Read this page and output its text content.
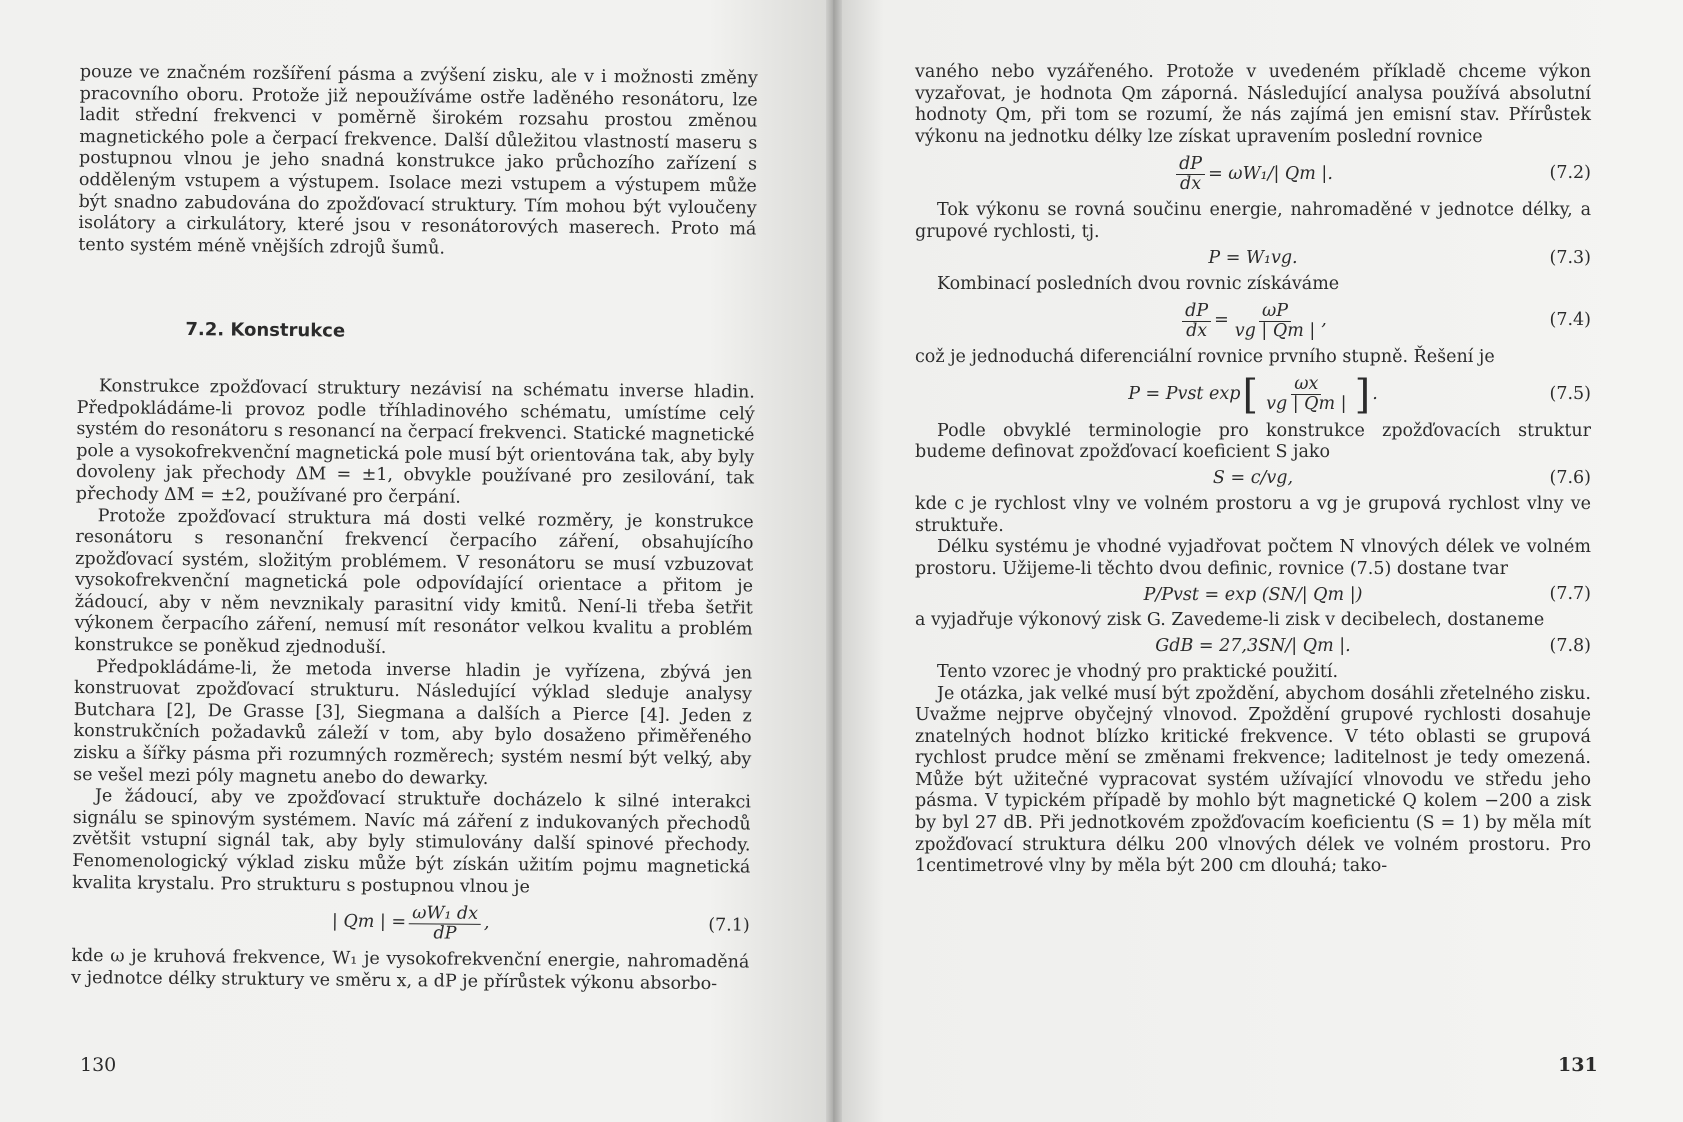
pouze ve značném rozšíření pásma a zvýšení zisku, ale v i možnosti změny pracovního oboru. Protože již nepoužíváme ostře laděného resonátoru, lze ladit střední frekvenci v poměrně širokém rozsahu prostou změnou magnetického pole a čerpací frekvence. Další důležitou vlastností maseru s postupnou vlnou je jeho snadná konstrukce jako průchozího zařízení s odděleným vstupem a výstupem. Isolace mezi vstupem a výstupem může být snadno zabudována do zpožďovací struktury. Tím mohou být vyloučeny isolátory a cirkulátory, které jsou v resonátorových maserech. Proto má tento systém méně vnějších zdrojů šumů.

7.2. Konstrukce

Konstrukce zpožďovací struktury nezávisí na schématu inverse hladin. Předpokládáme-li provoz podle tříhladinového schématu, umístíme celý systém do resonátoru s resonancí na čerpací frekvenci. Statické magnetické pole a vysokofrekvenční magnetická pole musí být orientována tak, aby byly dovoleny jak přechody ΔM = ±1, obvykle používané pro zesilování, tak přechody ΔM = ±2, používané pro čerpání.

Protože zpožďovací struktura má dosti velké rozměry, je konstrukce resonátoru s resonanční frekvencí čerpacího záření, obsahujícího zpožďovací systém, složitým problémem. V resonátoru se musí vzbuzovat vysokofrekvenční magnetická pole odpovídající orientace a přitom je žádoucí, aby v něm nevznikaly parasitní vidy kmitů. Není-li třeba šetřit výkonem čerpacího záření, nemusí mít resonátor velkou kvalitu a problém konstrukce se poněkud zjednoduší.

Předpokládáme-li, že metoda inverse hladin je vyřízena, zbývá jen konstruovat zpožďovací strukturu. Následující výklad sleduje analysy Butchara [2], De Grasse [3], Siegmana a dalších a Pierce [4]. Jeden z konstrukčních požadavků záleží v tom, aby bylo dosaženo přiměřeného zisku a šířky pásma při rozumných rozměrech; systém nesmí být velký, aby se vešel mezi póly magnetu anebo do dewarky.

Je žádoucí, aby ve zpožďovací struktuře docházelo k silné interakci signálu se spinovým systémem. Navíc má záření z indukovaných přechodů zvětšit vstupní signál tak, aby byly stimulovány další spinové přechody. Fenomenologický výklad zisku může být získán užitím pojmu magnetická kvalita krystalu. Pro strukturu s postupnou vlnou je

| Qm | = $\frac{\text{ωW₁ dx}}{dP}$ ,	(7.1)

kde ω je kruhová frekvence, W₁ je vysokofrekvenční energie, nahromaděná v jednotce délky struktury ve směru x, a dP je přírůstek výkonu absorbo-

130

vaného nebo vyzářeného. Protože v uvedeném příkladě chceme výkon vyzařovat, je hodnota Qm záporná. Následující analysa používá absolutní hodnoty Qm, při tom se rozumí, že nás zajímá jen emisní stav. Přírůstek výkonu na jednotku délky lze získat upravením poslední rovnice

$\frac{dP}{dx} = \omega W_1/|$ Qm |.	(7.2)

Tok výkonu se rovná součinu energie, nahromaděné v jednotce délky, a grupové rychlosti, tj.

P = W₁vg.	(7.3)

Kombinací posledních dvou rovnic získáváme

$\frac{dP}{dx} = \frac{\omega P}{vg | Qm |}$ ,	(7.4)

což je jednoduchá diferenciální rovnice prvního stupně. Řešení je

P = Pvst exp [ $\frac{\omega x}{vg | Qm |}$ ] .	(7.5)

Podle obvyklé terminologie pro konstrukce zpožďovacích struktur budeme definovat zpožďovací koeficient S jako

S = c/vg,	(7.6)

kde c je rychlost vlny ve volném prostoru a vg je grupová rychlost vlny ve struktuře.

Délku systému je vhodné vyjadřovat počtem N vlnových délek ve volném prostoru. Užijeme-li těchto dvou definic, rovnice (7.5) dostane tvar

P/Pvst = exp (SN/| Qm |)	(7.7)

a vyjadřuje výkonový zisk G. Zavedeme-li zisk v decibelech, dostaneme

GdB = 27,3SN/| Qm |.	(7.8)

Tento vzorec je vhodný pro praktické použití.

Je otázka, jak velké musí být zpoždění, abychom dosáhli zřetelného zisku. Uvažme nejprve obyčejný vlnovod. Zpoždění grupové rychlosti dosahuje znatelných hodnot blízko kritické frekvence. V této oblasti se grupová rychlost prudce mění se změnami frekvence; laditelnost je tedy omezená. Může být užitečné vypracovat systém užívající vlnovodu ve středu jeho pásma. V typickém případě by mohlo být magnetické Q kolem −200 a zisk by byl 27 dB. Při jednotkovém zpožďovacím koeficientu (S = 1) by měla mít zpožďovací struktura délku 200 vlnových délek ve volném prostoru. Pro 1centimetrové vlny by měla být 200 cm dlouhá; tako-

131
